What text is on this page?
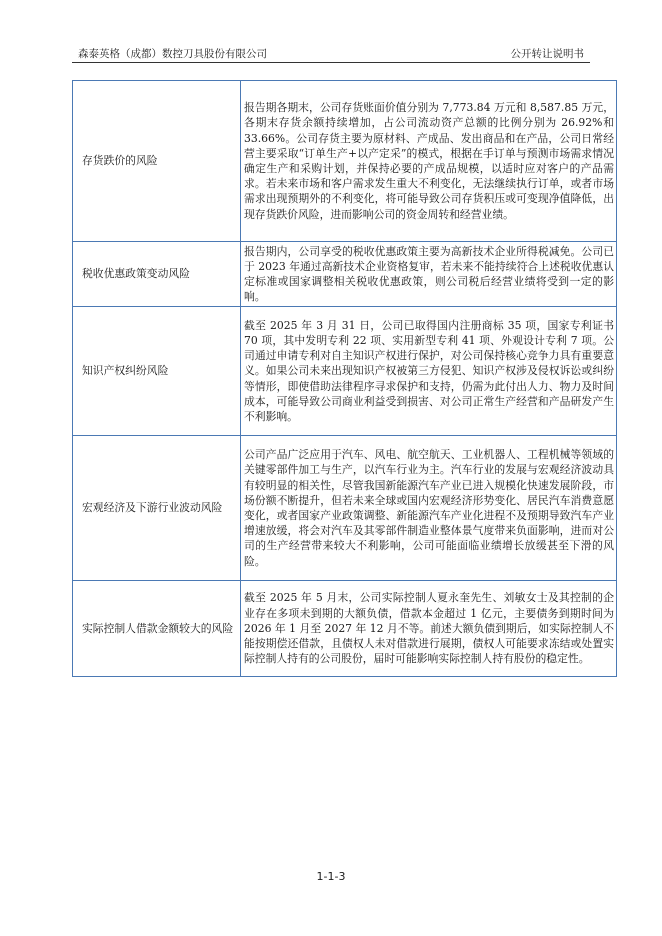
森泰英格（成都）数控刀具股份有限公司	公开转让说明书
存货跌价的风险	报告期各期末，公司存货账面价值分别为 7,773.84 万元和 8,587.85 万元，各期末存货余额持续增加，占公司流动资产总额的比例分别为 26.92%和 33.66%。公司存货主要为原材料、产成品、发出商品和在产品，公司日常经营主要采取“订单生产+以产定采”的模式，根据在手订单与预测市场需求情况确定生产和采购计划，并保持必要的产成品规模，以适时应对客户的产品需求。若未来市场和客户需求发生重大不利变化，无法继续执行订单，或者市场需求出现预期外的不利变化，将可能导致公司存货积压或可变现净值降低，出现存货跌价风险，进而影响公司的资金周转和经营业绩。
税收优惠政策变动风险	报告期内，公司享受的税收优惠政策主要为高新技术企业所得税减免。公司已于 2023 年通过高新技术企业资格复审，若未来不能持续符合上述税收优惠认定标准或国家调整相关税收优惠政策，则公司税后经营业绩将受到一定的影响。
知识产权纠纷风险	截至 2025 年 3 月 31 日，公司已取得国内注册商标 35 项，国家专利证书 70 项，其中发明专利 22 项、实用新型专利 41 项、外观设计专利 7 项。公司通过申请专利对自主知识产权进行保护，对公司保持核心竞争力具有重要意义。如果公司未来出现知识产权被第三方侵犯、知识产权涉及侵权诉讼或纠纷等情形，即使借助法律程序寻求保护和支持，仍需为此付出人力、物力及时间成本，可能导致公司商业利益受到损害、对公司正常生产经营和产品研发产生不利影响。
宏观经济及下游行业波动风险	公司产品广泛应用于汽车、风电、航空航天、工业机器人、工程机械等领域的关键零部件加工与生产，以汽车行业为主。汽车行业的发展与宏观经济波动具有较明显的相关性，尽管我国新能源汽车产业已进入规模化快速发展阶段，市场份额不断提升，但若未来全球或国内宏观经济形势变化、居民汽车消费意愿变化，或者国家产业政策调整、新能源汽车产业化进程不及预期导致汽车产业增速放缓，将会对汽车及其零部件制造业整体景气度带来负面影响，进而对公司的生产经营带来较大不利影响，公司可能面临业绩增长放缓甚至下滑的风险。
实际控制人借款金额较大的风险	截至 2025 年 5 月末，公司实际控制人夏永奎先生、刘敏女士及其控制的企业存在多项未到期的大额负债，借款本金超过 1 亿元，主要债务到期时间为 2026 年 1 月至 2027 年 12 月不等。前述大额负债到期后，如实际控制人不能按期偿还借款，且债权人未对借款进行展期，债权人可能要求冻结或处置实际控制人持有的公司股份，届时可能影响实际控制人持有股份的稳定性。
1-1-3
